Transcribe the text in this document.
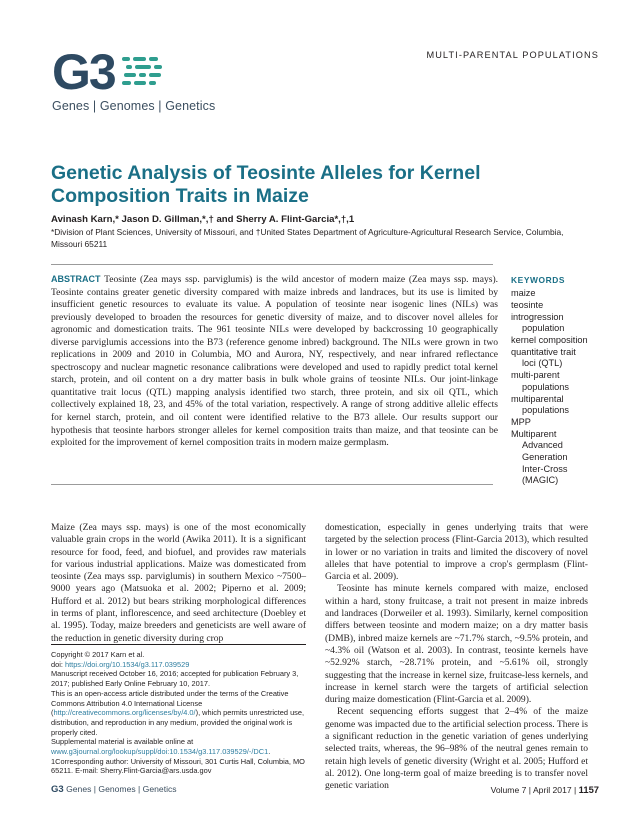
G3
Genes | Genomes | Genetics
MULTI-PARENTAL POPULATIONS
Genetic Analysis of Teosinte Alleles for Kernel Composition Traits in Maize
Avinash Karn,* Jason D. Gillman,*,† and Sherry A. Flint-Garcia*,†,1
*Division of Plant Sciences, University of Missouri, and †United States Department of Agriculture-Agricultural Research Service, Columbia, Missouri 65211
ABSTRACT Teosinte (Zea mays ssp. parviglumis) is the wild ancestor of modern maize (Zea mays ssp. mays). Teosinte contains greater genetic diversity compared with maize inbreds and landraces, but its use is limited by insufficient genetic resources to evaluate its value. A population of teosinte near isogenic lines (NILs) was previously developed to broaden the resources for genetic diversity of maize, and to discover novel alleles for agronomic and domestication traits. The 961 teosinte NILs were developed by backcrossing 10 geographically diverse parviglumis accessions into the B73 (reference genome inbred) background. The NILs were grown in two replications in 2009 and 2010 in Columbia, MO and Aurora, NY, respectively, and near infrared reflectance spectroscopy and nuclear magnetic resonance calibrations were developed and used to rapidly predict total kernel starch, protein, and oil content on a dry matter basis in bulk whole grains of teosinte NILs. Our joint-linkage quantitative trait locus (QTL) mapping analysis identified two starch, three protein, and six oil QTL, which collectively explained 18, 23, and 45% of the total variation, respectively. A range of strong additive allelic effects for kernel starch, protein, and oil content were identified relative to the B73 allele. Our results support our hypothesis that teosinte harbors stronger alleles for kernel composition traits than maize, and that teosinte can be exploited for the improvement of kernel composition traits in modern maize germplasm.
KEYWORDS
maize
teosinte
introgression population
kernel composition
quantitative trait loci (QTL)
multi-parent populations
multiparental populations
MPP
Multiparent Advanced Generation Inter-Cross (MAGIC)
Maize (Zea mays ssp. mays) is one of the most economically valuable grain crops in the world (Awika 2011). It is a significant resource for food, feed, and biofuel, and provides raw materials for various industrial applications. Maize was domesticated from teosinte (Zea mays ssp. parviglumis) in southern Mexico ~7500–9000 years ago (Matsuoka et al. 2002; Piperno et al. 2009; Hufford et al. 2012) but bears striking morphological differences in terms of plant, inflorescence, and seed architecture (Doebley et al. 1995). Today, maize breeders and geneticists are well aware of the reduction in genetic diversity during crop

domestication, especially in genes underlying traits that were targeted by the selection process (Flint-Garcia 2013), which resulted in lower or no variation in traits and limited the discovery of novel alleles that have potential to improve a crop's germplasm (Flint-Garcia et al. 2009).

Teosinte has minute kernels compared with maize, enclosed within a hard, stony fruitcase, a trait not present in maize inbreds and landraces (Dorweiler et al. 1993). Similarly, kernel composition differs between teosinte and modern maize; on a dry matter basis (DMB), inbred maize kernels are ~71.7% starch, ~9.5% protein, and ~4.3% oil (Watson et al. 2003). In contrast, teosinte kernels have ~52.92% starch, ~28.71% protein, and ~5.61% oil, strongly suggesting that the increase in kernel size, fruitcase-less kernels, and increase in kernel starch were the targets of artificial selection during maize domestication (Flint-Garcia et al. 2009).

Recent sequencing efforts suggest that 2–4% of the maize genome was impacted due to the artificial selection process. There is a significant reduction in the genetic variation of genes underlying selected traits, whereas, the 96–98% of the neutral genes remain to retain high levels of genetic diversity (Wright et al. 2005; Hufford et al. 2012). One long-term goal of maize breeding is to transfer novel genetic variation

Copyright © 2017 Karn et al.
doi: https://doi.org/10.1534/g3.117.039529
Manuscript received October 16, 2016; accepted for publication February 3, 2017; published Early Online February 10, 2017.
This is an open-access article distributed under the terms of the Creative Commons Attribution 4.0 International License (http://creativecommons.org/licenses/by/4.0/), which permits unrestricted use, distribution, and reproduction in any medium, provided the original work is properly cited.
Supplemental material is available online at www.g3journal.org/lookup/suppl/doi:10.1534/g3.117.039529/-/DC1.
1Corresponding author: University of Missouri, 301 Curtis Hall, Columbia, MO 65211. E-mail: Sherry.Flint-Garcia@ars.usda.gov
G3 Genes | Genomes | Genetics	Volume 7 | April 2017 | 1157
